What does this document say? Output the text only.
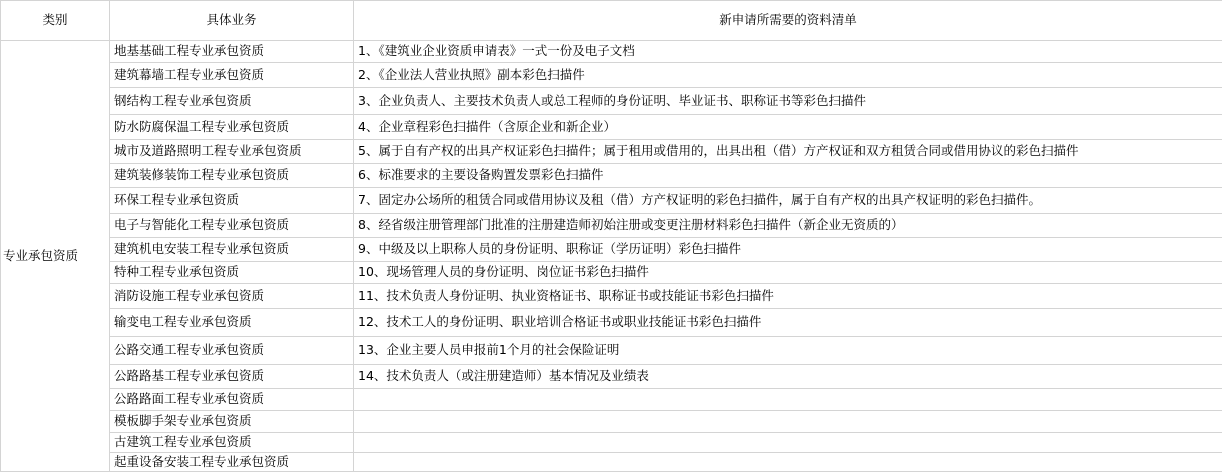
类别	具体业务	新申请所需要的资料清单
专业承包资质	地基基础工程专业承包资质	1、《建筑业企业资质申请表》一式一份及电子文档
	建筑幕墙工程专业承包资质	2、《企业法人营业执照》副本彩色扫描件
	钢结构工程专业承包资质	3、企业负责人、主要技术负责人或总工程师的身份证明、毕业证书、职称证书等彩色扫描件
	防水防腐保温工程专业承包资质	4、企业章程彩色扫描件（含原企业和新企业）
	城市及道路照明工程专业承包资质	5、属于自有产权的出具产权证彩色扫描件；属于租用或借用的，出具出租（借）方产权证和双方租赁合同或借用协议的彩色扫描件
	建筑装修装饰工程专业承包资质	6、标准要求的主要设备购置发票彩色扫描件
	环保工程专业承包资质	7、固定办公场所的租赁合同或借用协议及租（借）方产权证明的彩色扫描件，属于自有产权的出具产权证明的彩色扫描件。
	电子与智能化工程专业承包资质	8、经省级注册管理部门批准的注册建造师初始注册或变更注册材料彩色扫描件（新企业无资质的）
	建筑机电安装工程专业承包资质	9、中级及以上职称人员的身份证明、职称证（学历证明）彩色扫描件
	特种工程专业承包资质	10、现场管理人员的身份证明、岗位证书彩色扫描件
	消防设施工程专业承包资质	11、技术负责人身份证明、执业资格证书、职称证书或技能证书彩色扫描件
	输变电工程专业承包资质	12、技术工人的身份证明、职业培训合格证书或职业技能证书彩色扫描件
	公路交通工程专业承包资质	13、企业主要人员申报前1个月的社会保险证明
	公路路基工程专业承包资质	14、技术负责人（或注册建造师）基本情况及业绩表
	公路路面工程专业承包资质	
	模板脚手架专业承包资质	
	古建筑工程专业承包资质	
	起重设备安装工程专业承包资质	
